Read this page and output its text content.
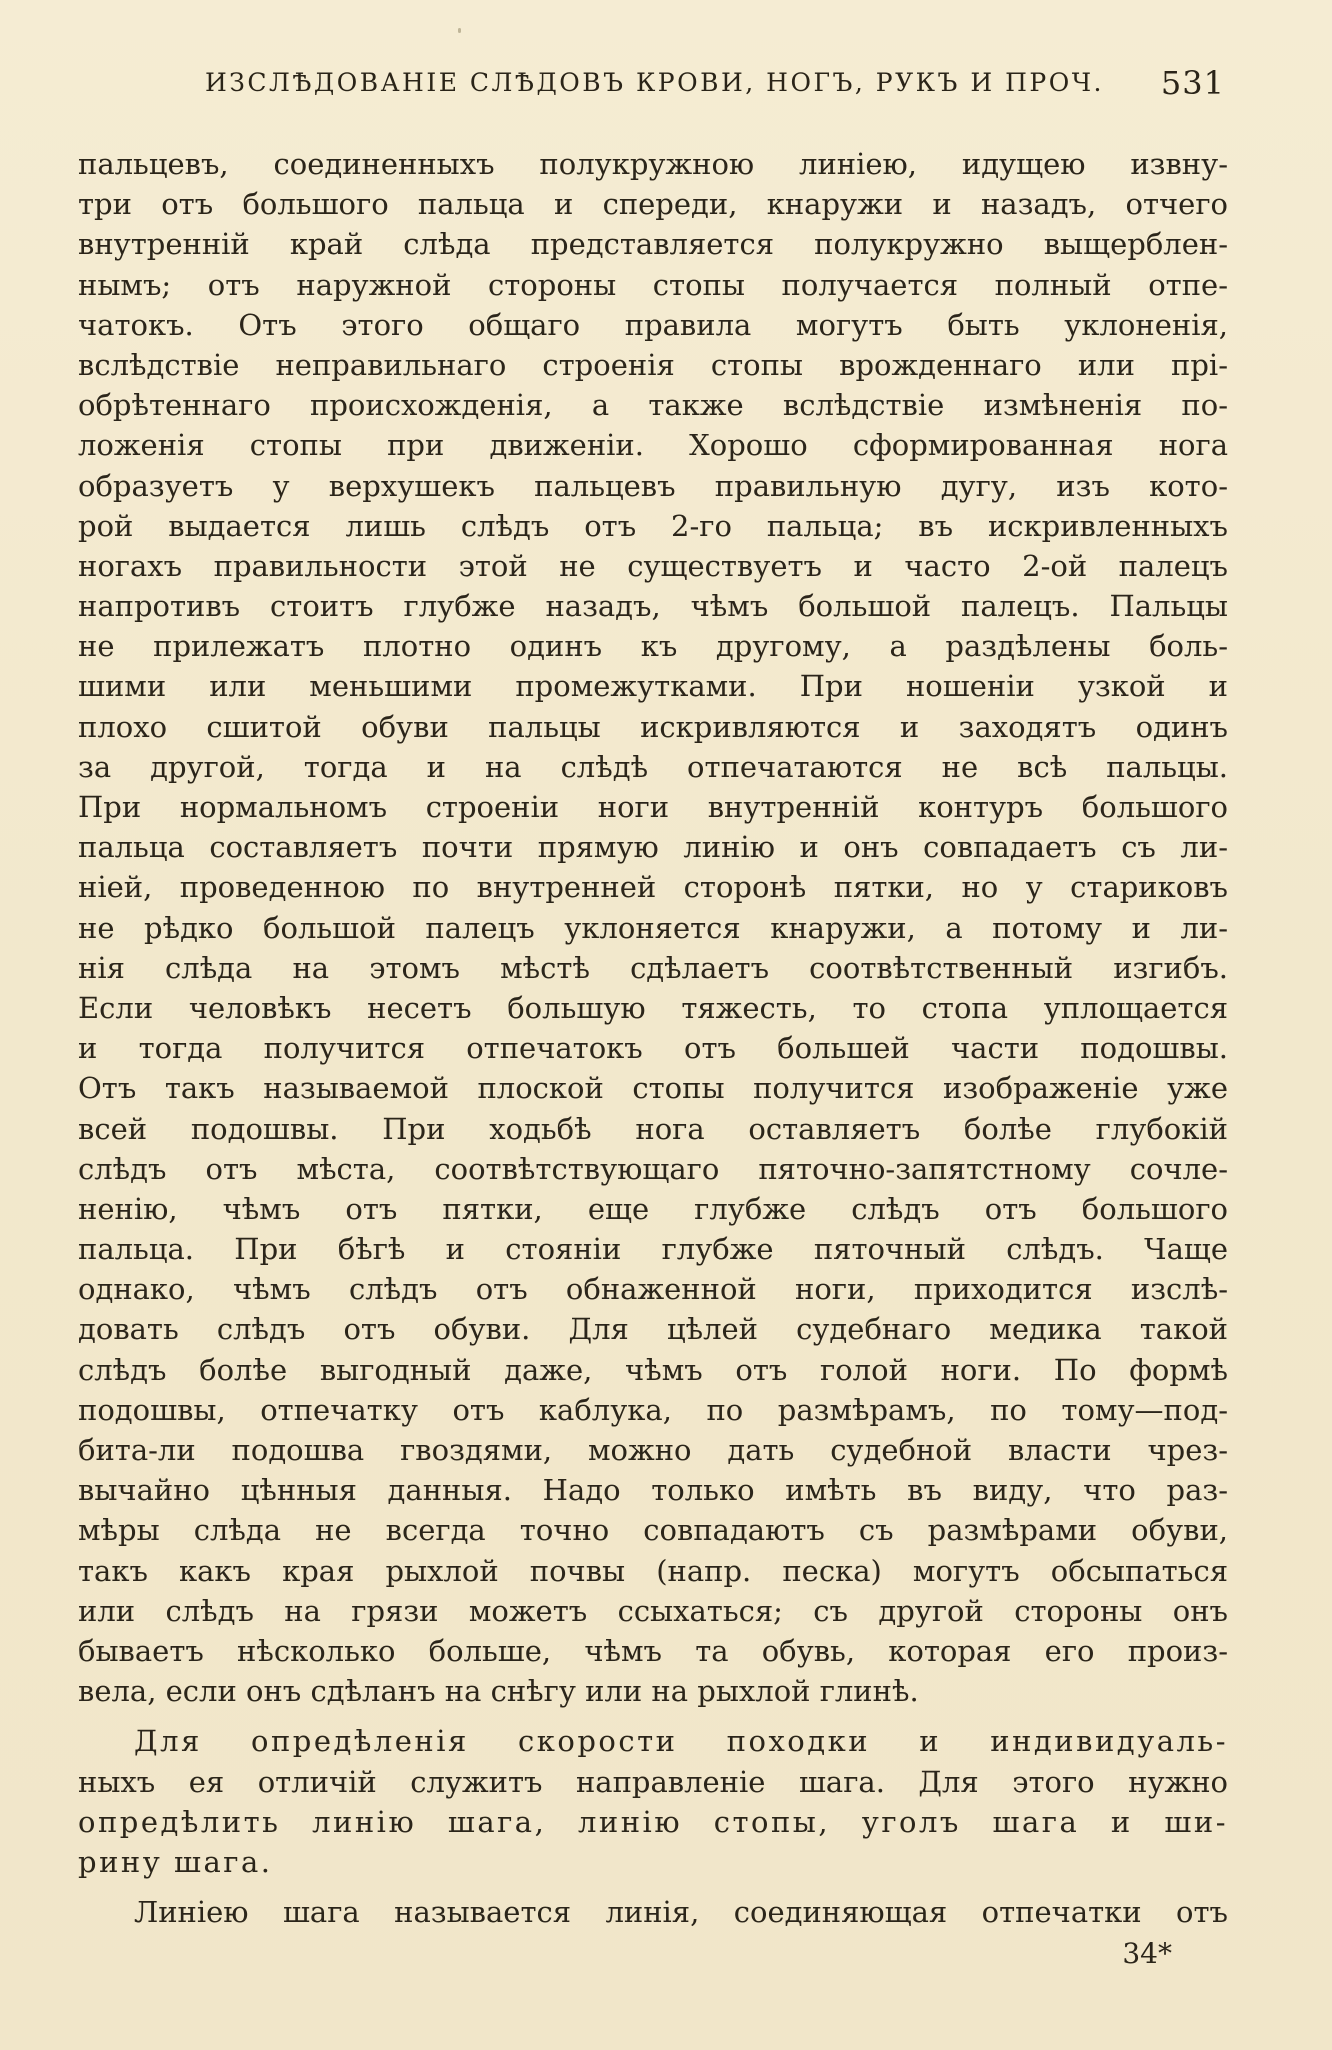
ИЗСЛѢДОВАНІЕ СЛѢДОВЪ КРОВИ, НОГЪ, РУКЪ И ПРОЧ. 531
пальцевъ, соединенныхъ полукружною линіею, идущею извну-
три отъ большого пальца и спереди, кнаружи и назадъ, отчего
внутренній край слѣда представляется полукружно выщерблен-
нымъ; отъ наружной стороны стопы получается полный отпе-
чатокъ. Отъ этого общаго правила могутъ быть уклоненія,
вслѣдствіе неправильнаго строенія стопы врожденнаго или прі-
обрѣтеннаго происхожденія, а также вслѣдствіе измѣненія по-
ложенія стопы при движеніи. Хорошо сформированная нога
образуетъ у верхушекъ пальцевъ правильную дугу, изъ кото-
рой выдается лишь слѣдъ отъ 2-го пальца; въ искривленныхъ
ногахъ правильности этой не существуетъ и часто 2-ой палецъ
напротивъ стоитъ глубже назадъ, чѣмъ большой палецъ. Пальцы
не прилежатъ плотно одинъ къ другому, а раздѣлены боль-
шими или меньшими промежутками. При ношеніи узкой и
плохо сшитой обуви пальцы искривляются и заходятъ одинъ
за другой, тогда и на слѣдѣ отпечатаются не всѣ пальцы.
При нормальномъ строеніи ноги внутренній контуръ большого
пальца составляетъ почти прямую линію и онъ совпадаетъ съ ли-
ніей, проведенною по внутренней сторонѣ пятки, но у стариковъ
не рѣдко большой палецъ уклоняется кнаружи, а потому и ли-
нія слѣда на этомъ мѣстѣ сдѣлаетъ соотвѣтственный изгибъ.
Если человѣкъ несетъ большую тяжесть, то стопа уплощается
и тогда получится отпечатокъ отъ большей части подошвы.
Отъ такъ называемой плоской стопы получится изображеніе уже
всей подошвы. При ходьбѣ нога оставляетъ болѣе глубокій
слѣдъ отъ мѣста, соотвѣтствующаго пяточно-запятстному сочле-
ненію, чѣмъ отъ пятки, еще глубже слѣдъ отъ большого
пальца. При бѣгѣ и стояніи глубже пяточный слѣдъ. Чаще
однако, чѣмъ слѣдъ отъ обнаженной ноги, приходится изслѣ-
довать слѣдъ отъ обуви. Для цѣлей судебнаго медика такой
слѣдъ болѣе выгодный даже, чѣмъ отъ голой ноги. По формѣ
подошвы, отпечатку отъ каблука, по размѣрамъ, по тому—под-
бита-ли подошва гвоздями, можно дать судебной власти чрез-
вычайно цѣнныя данныя. Надо только имѣть въ виду, что раз-
мѣры слѣда не всегда точно совпадаютъ съ размѣрами обуви,
такъ какъ края рыхлой почвы (напр. песка) могутъ обсыпаться
или слѣдъ на грязи можетъ ссыхаться; съ другой стороны онъ
бываетъ нѣсколько больше, чѣмъ та обувь, которая его произ-
вела, если онъ сдѣланъ на снѣгу или на рыхлой глинѣ.
Для опредѣленія скорости походки и индивидуаль-
ныхъ ея отличій служитъ направленіе шага. Для этого нужно
опредѣлить линію шага, линію стопы, уголъ шага и ши-
рину шага.
Линіею шага называется линія, соединяющая отпечатки отъ
34*
